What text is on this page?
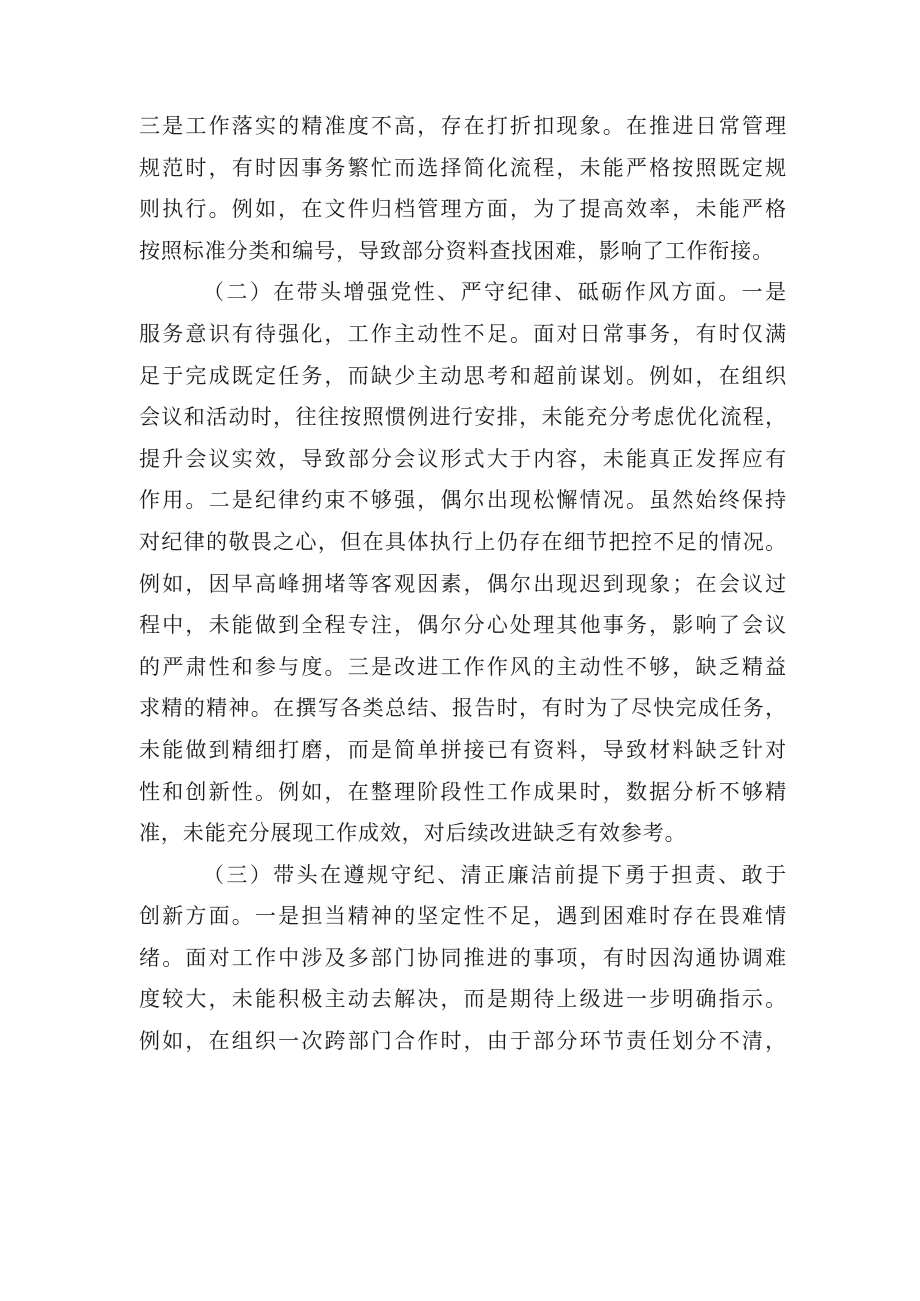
三是工作落实的精准度不高，存在打折扣现象。在推进日常管理
规范时，有时因事务繁忙而选择简化流程，未能严格按照既定规
则执行。例如，在文件归档管理方面，为了提高效率，未能严格
按照标准分类和编号，导致部分资料查找困难，影响了工作衔接。
（二）在带头增强党性、严守纪律、砥砺作风方面。一是
服务意识有待强化，工作主动性不足。面对日常事务，有时仅满
足于完成既定任务，而缺少主动思考和超前谋划。例如，在组织
会议和活动时，往往按照惯例进行安排，未能充分考虑优化流程，
提升会议实效，导致部分会议形式大于内容，未能真正发挥应有
作用。二是纪律约束不够强，偶尔出现松懈情况。虽然始终保持
对纪律的敬畏之心，但在具体执行上仍存在细节把控不足的情况。
例如，因早高峰拥堵等客观因素，偶尔出现迟到现象；在会议过
程中，未能做到全程专注，偶尔分心处理其他事务，影响了会议
的严肃性和参与度。三是改进工作作风的主动性不够，缺乏精益
求精的精神。在撰写各类总结、报告时，有时为了尽快完成任务，
未能做到精细打磨，而是简单拼接已有资料，导致材料缺乏针对
性和创新性。例如，在整理阶段性工作成果时，数据分析不够精
准，未能充分展现工作成效，对后续改进缺乏有效参考。
（三）带头在遵规守纪、清正廉洁前提下勇于担责、敢于
创新方面。一是担当精神的坚定性不足，遇到困难时存在畏难情
绪。面对工作中涉及多部门协同推进的事项，有时因沟通协调难
度较大，未能积极主动去解决，而是期待上级进一步明确指示。
例如，在组织一次跨部门合作时，由于部分环节责任划分不清，
